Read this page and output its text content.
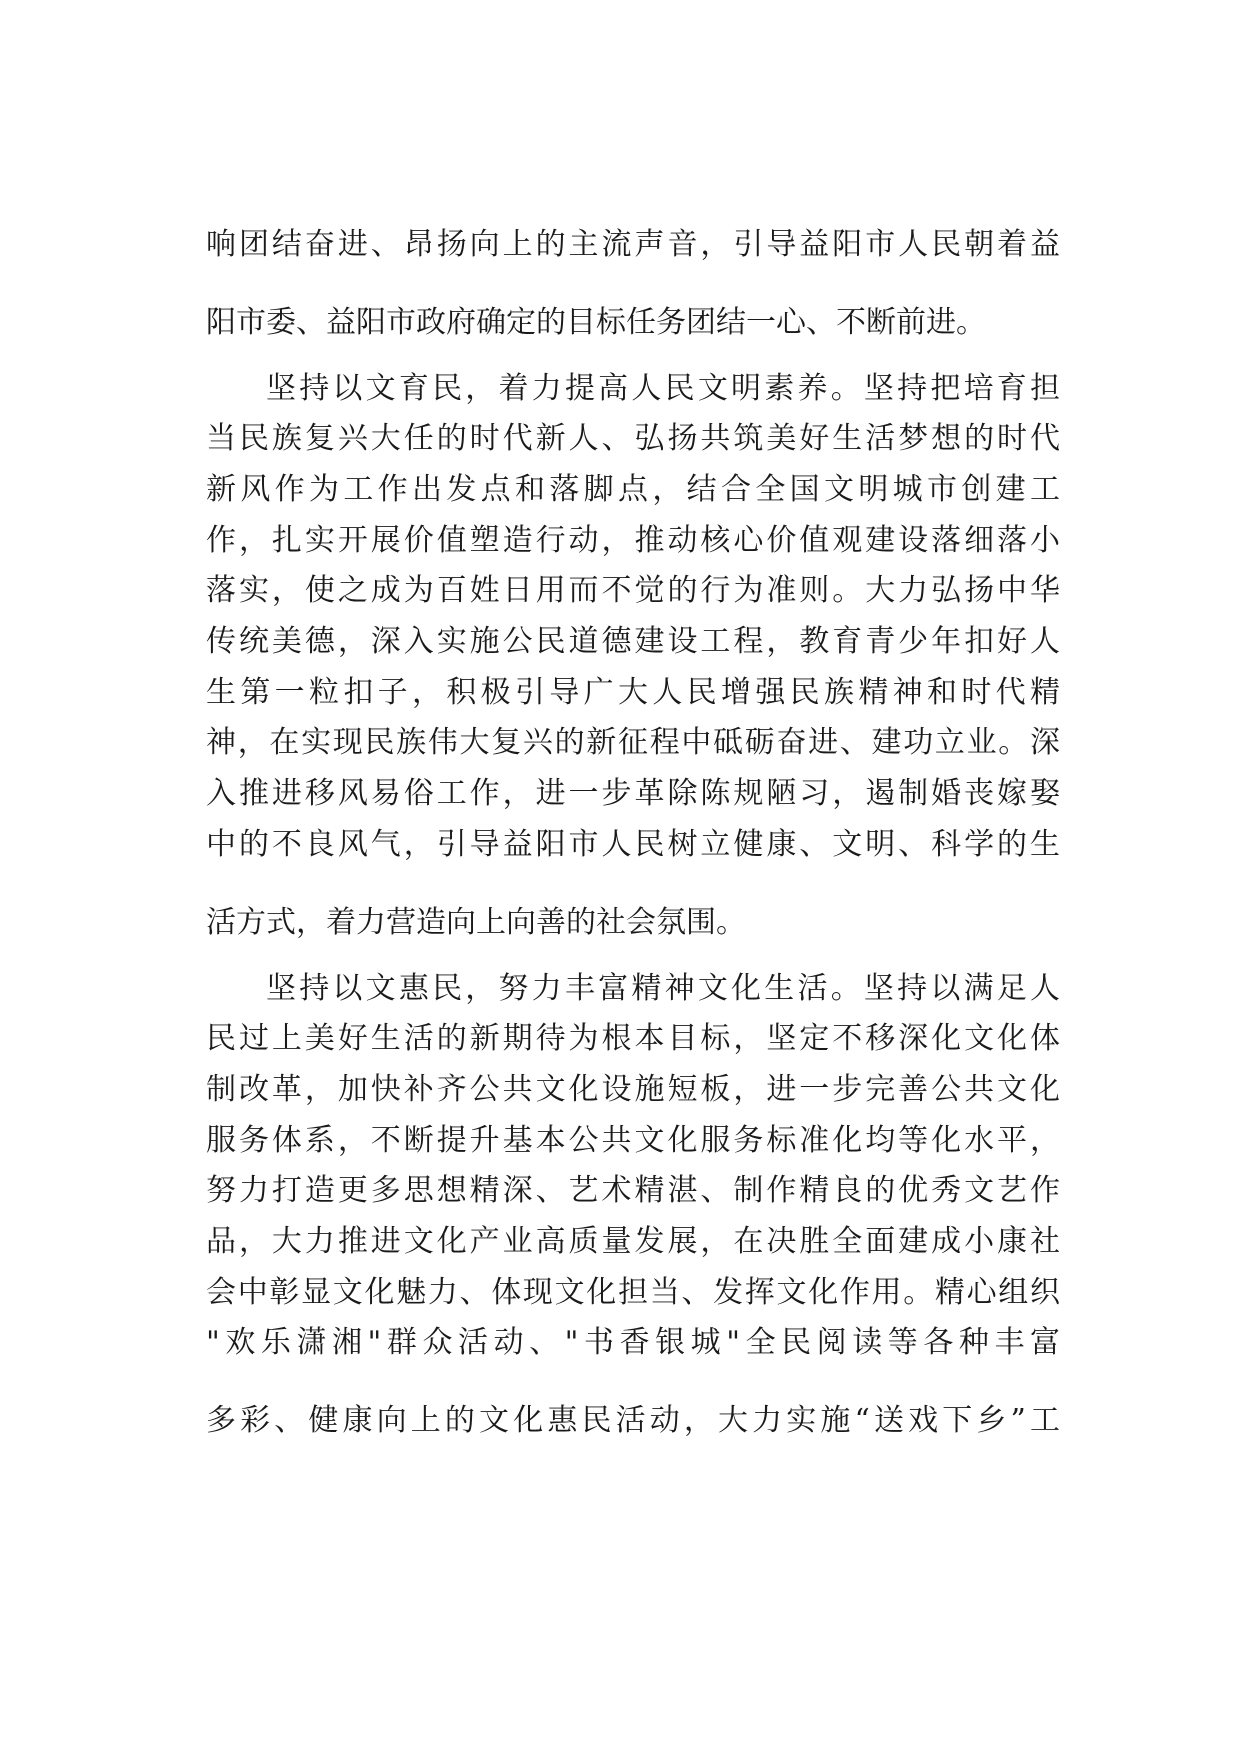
响团结奋进、昂扬向上的主流声音，引导益阳市人民朝着益
阳市委、益阳市政府确定的目标任务团结一心、不断前进。
坚持以文育民，着力提高人民文明素养。坚持把培育担
当民族复兴大任的时代新人、弘扬共筑美好生活梦想的时代
新风作为工作出发点和落脚点，结合全国文明城市创建工
作，扎实开展价值塑造行动，推动核心价值观建设落细落小
落实，使之成为百姓日用而不觉的行为准则。大力弘扬中华
传统美德，深入实施公民道德建设工程，教育青少年扣好人
生第一粒扣子，积极引导广大人民增强民族精神和时代精
神，在实现民族伟大复兴的新征程中砥砺奋进、建功立业。深
入推进移风易俗工作，进一步革除陈规陋习，遏制婚丧嫁娶
中的不良风气，引导益阳市人民树立健康、文明、科学的生
活方式，着力营造向上向善的社会氛围。
坚持以文惠民，努力丰富精神文化生活。坚持以满足人
民过上美好生活的新期待为根本目标，坚定不移深化文化体
制改革，加快补齐公共文化设施短板，进一步完善公共文化
服务体系，不断提升基本公共文化服务标准化均等化水平，
努力打造更多思想精深、艺术精湛、制作精良的优秀文艺作
品，大力推进文化产业高质量发展，在决胜全面建成小康社
会中彰显文化魅力、体现文化担当、发挥文化作用。精心组织
"欢乐潇湘"群众活动、"书香银城"全民阅读等各种丰富
多彩、健康向上的文化惠民活动，大力实施“送戏下乡”工
